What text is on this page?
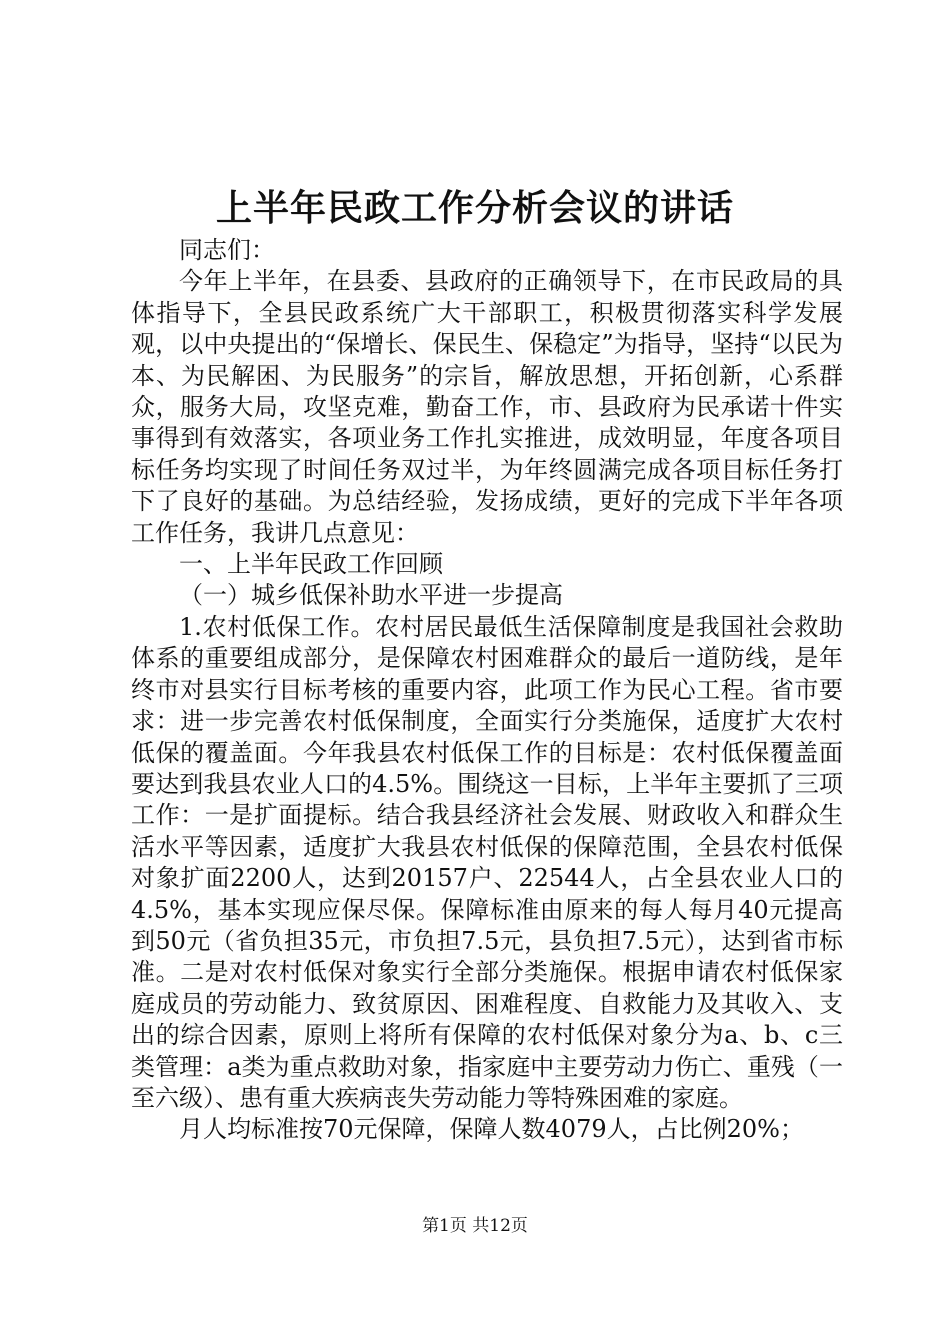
上半年民政工作分析会议的讲话

同志们：

今年上半年，在县委、县政府的正确领导下，在市民政局的具体指导下，全县民政系统广大干部职工，积极贯彻落实科学发展观，以中央提出的“保增长、保民生、保稳定”为指导，坚持“以民为本、为民解困、为民服务”的宗旨，解放思想，开拓创新，心系群众，服务大局，攻坚克难，勤奋工作，市、县政府为民承诺十件实事得到有效落实，各项业务工作扎实推进，成效明显，年度各项目标任务均实现了时间任务双过半，为年终圆满完成各项目标任务打下了良好的基础。为总结经验，发扬成绩，更好的完成下半年各项工作任务，我讲几点意见：

一、上半年民政工作回顾

（一）城乡低保补助水平进一步提高

1.农村低保工作。农村居民最低生活保障制度是我国社会救助体系的重要组成部分，是保障农村困难群众的最后一道防线，是年终市对县实行目标考核的重要内容，此项工作为民心工程。省市要求：进一步完善农村低保制度，全面实行分类施保，适度扩大农村低保的覆盖面。今年我县农村低保工作的目标是：农村低保覆盖面要达到我县农业人口的4.5%。围绕这一目标，上半年主要抓了三项工作：一是扩面提标。结合我县经济社会发展、财政收入和群众生活水平等因素，适度扩大我县农村低保的保障范围，全县农村低保对象扩面2200人，达到20157户、22544人，占全县农业人口的4.5%，基本实现应保尽保。保障标准由原来的每人每月40元提高到50元（省负担35元，市负担7.5元，县负担7.5元），达到省市标准。二是对农村低保对象实行全部分类施保。根据申请农村低保家庭成员的劳动能力、致贫原因、困难程度、自救能力及其收入、支出的综合因素，原则上将所有保障的农村低保对象分为a、b、c三类管理：a类为重点救助对象，指家庭中主要劳动力伤亡、重残（一至六级）、患有重大疾病丧失劳动能力等特殊困难的家庭。

月人均标准按70元保障，保障人数4079人，占比例20%；

第1页 共12页
